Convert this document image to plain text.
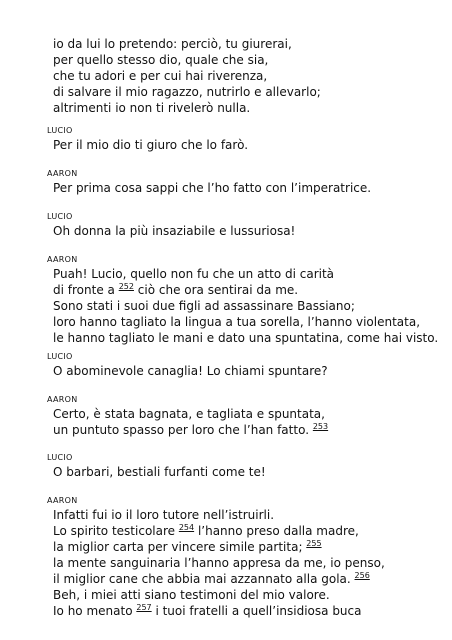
io da lui lo pretendo: perciò, tu giurerai,
per quello stesso dio, quale che sia,
che tu adori e per cui hai riverenza,
di salvare il mio ragazzo, nutrirlo e allevarlo;
altrimenti io non ti rivelerò nulla.
LUCIO
Per il mio dio ti giuro che lo farò.
AARON
Per prima cosa sappi che l’ho fatto con l’imperatrice.
LUCIO
Oh donna la più insaziabile e lussuriosa!
AARON
Puah! Lucio, quello non fu che un atto di carità
di fronte a $^{252}$ ciò che ora sentirai da me.
Sono stati i suoi due figli ad assassinare Bassiano;
loro hanno tagliato la lingua a tua sorella, l’hanno violentata,
le hanno tagliato le mani e dato una spuntatina, come hai visto.
LUCIO
O abominevole canaglia! Lo chiami spuntare?
AARON
Certo, è stata bagnata, e tagliata e spuntata,
un puntuto spasso per loro che l’han fatto. $^{253}$
LUCIO
O barbari, bestiali furfanti come te!
AARON
Infatti fui io il loro tutore nell’istruirli.
Lo spirito testicolare $^{254}$ l’hanno preso dalla madre,
la miglior carta per vincere simile partita; $^{255}$
la mente sanguinaria l’hanno appresa da me, io penso,
il miglior cane che abbia mai azzannato alla gola. $^{256}$
Beh, i miei atti siano testimoni del mio valore.
Io ho menato $^{257}$ i tuoi fratelli a quell’insidiosa buca
